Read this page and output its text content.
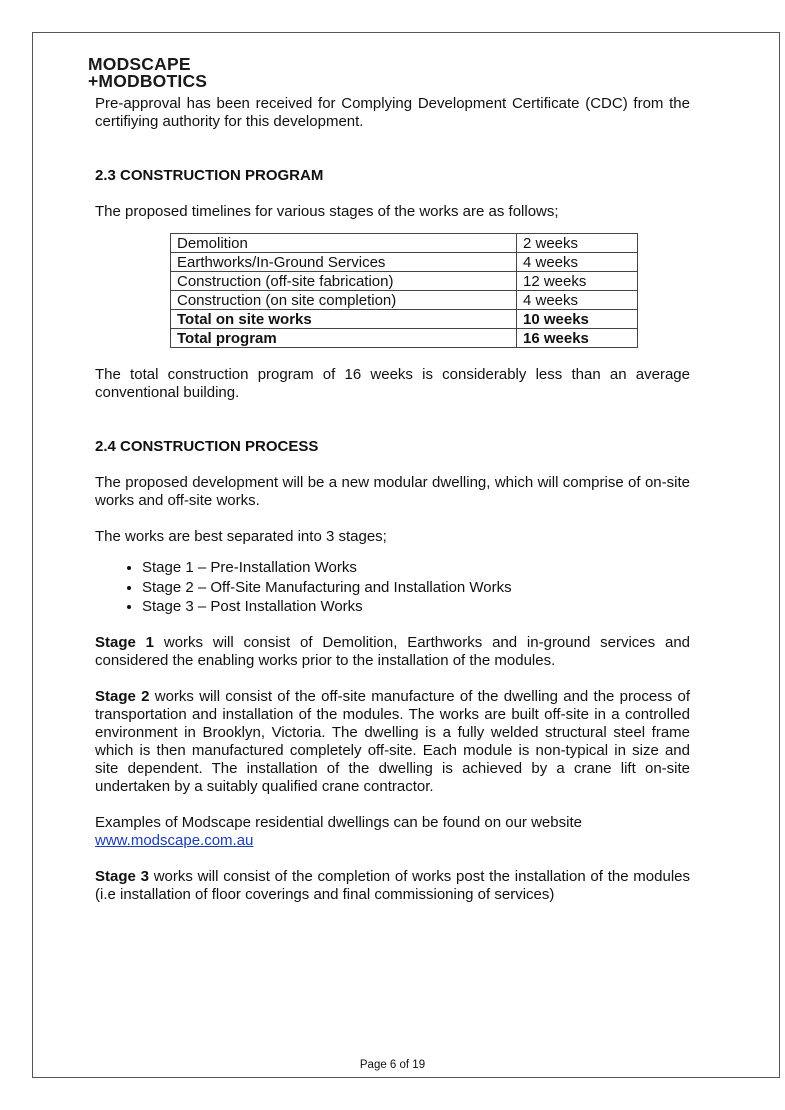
MODSCAPE
+MODBOTICS

Pre-approval has been received for Complying Development Certificate (CDC) from the certifiying authority for this development.

2.3 CONSTRUCTION PROGRAM

The proposed timelines for various stages of the works are as follows;

Demolition	2 weeks
Earthworks/In-Ground Services	4 weeks
Construction (off-site fabrication)	12 weeks
Construction (on site completion)	4 weeks
Total on site works	10 weeks
Total program	16 weeks

The total construction program of 16 weeks is considerably less than an average conventional building.

2.4 CONSTRUCTION PROCESS

The proposed development will be a new modular dwelling, which will comprise of on-site works and off-site works.

The works are best separated into 3 stages;

• Stage 1 – Pre-Installation Works
• Stage 2 – Off-Site Manufacturing and Installation Works
• Stage 3 – Post Installation Works

Stage 1 works will consist of Demolition, Earthworks and in-ground services and considered the enabling works prior to the installation of the modules.

Stage 2 works will consist of the off-site manufacture of the dwelling and the process of transportation and installation of the modules. The works are built off-site in a controlled environment in Brooklyn, Victoria. The dwelling is a fully welded structural steel frame which is then manufactured completely off-site. Each module is non-typical in size and site dependent. The installation of the dwelling is achieved by a crane lift on-site undertaken by a suitably qualified crane contractor.

Examples of Modscape residential dwellings can be found on our website
www.modscape.com.au

Stage 3 works will consist of the completion of works post the installation of the modules (i.e installation of floor coverings and final commissioning of services)

Page 6 of 19
